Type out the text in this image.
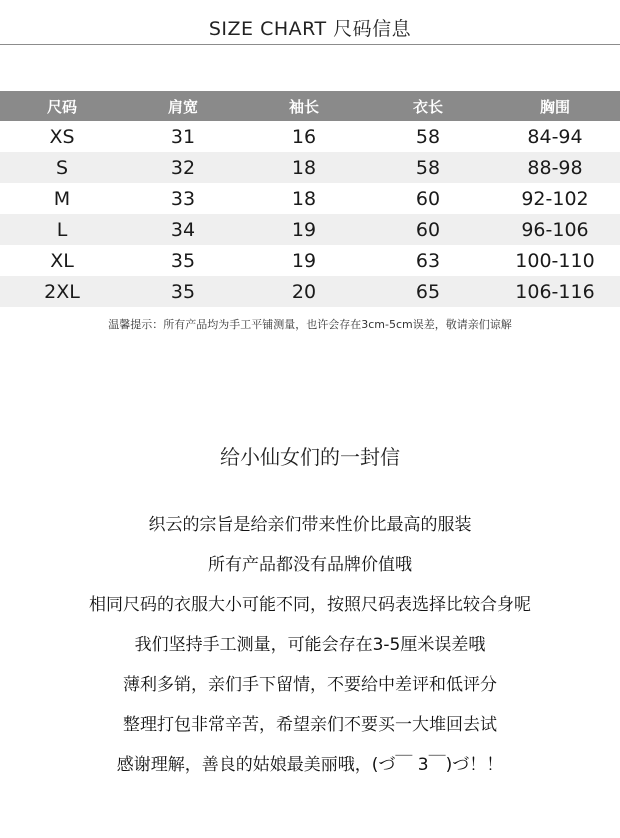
SIZE CHART 尺码信息
尺码	肩宽	袖长	衣长	胸围
XS	31	16	58	84-94
S	32	18	58	88-98
M	33	18	60	92-102
L	34	19	60	96-106
XL	35	19	63	100-110
2XL	35	20	65	106-116
温馨提示：所有产品均为手工平铺测量，也许会存在3cm-5cm误差，敬请亲们谅解
给小仙女们的一封信
织云的宗旨是给亲们带来性价比最高的服装
所有产品都没有品牌价值哦
相同尺码的衣服大小可能不同，按照尺码表选择比较合身呢
我们坚持手工测量，可能会存在3-5厘米误差哦
薄利多销，亲们手下留情，不要给中差评和低评分
整理打包非常辛苦，希望亲们不要买一大堆回去试
感谢理解，善良的姑娘最美丽哦，(づ￣ 3￣)づ！！
